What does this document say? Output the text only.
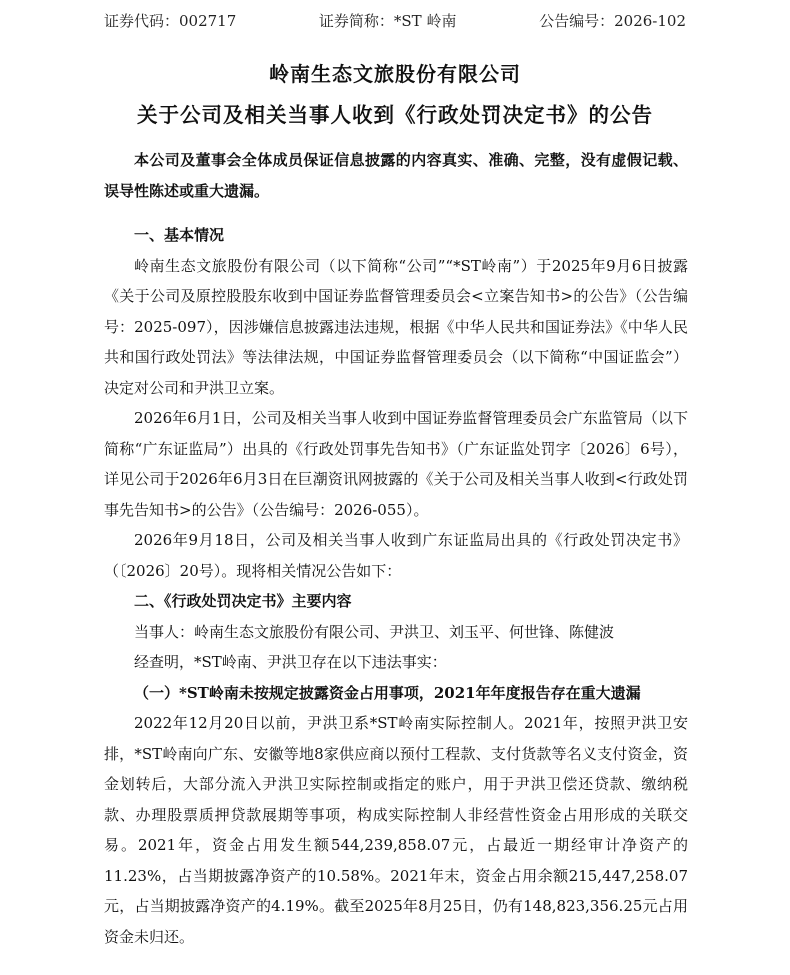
证券代码：002717	证券简称：*ST 岭南	公告编号：2026-102
岭南生态文旅股份有限公司
关于公司及相关当事人收到《行政处罚决定书》的公告

本公司及董事会全体成员保证信息披露的内容真实、准确、完整，没有虚假记载、误导性陈述或重大遗漏。

一、基本情况

岭南生态文旅股份有限公司（以下简称“公司”“*ST岭南”）于2025年9月6日披露《关于公司及原控股股东收到中国证券监督管理委员会<立案告知书>的公告》（公告编号：2025-097），因涉嫌信息披露违法违规，根据《中华人民共和国证券法》《中华人民共和国行政处罚法》等法律法规，中国证券监督管理委员会（以下简称“中国证监会”）决定对公司和尹洪卫立案。

2026年6月1日，公司及相关当事人收到中国证券监督管理委员会广东监管局（以下简称“广东证监局”）出具的《行政处罚事先告知书》（广东证监处罚字〔2026〕6号），详见公司于2026年6月3日在巨潮资讯网披露的《关于公司及相关当事人收到<行政处罚事先告知书>的公告》（公告编号：2026-055）。

2026年9月18日，公司及相关当事人收到广东证监局出具的《行政处罚决定书》（〔2026〕20号）。现将相关情况公告如下：

二、《行政处罚决定书》主要内容

当事人：岭南生态文旅股份有限公司、尹洪卫、刘玉平、何世锋、陈健波

经查明，*ST岭南、尹洪卫存在以下违法事实：

（一）*ST岭南未按规定披露资金占用事项，2021年年度报告存在重大遗漏

2022年12月20日以前，尹洪卫系*ST岭南实际控制人。2021年，按照尹洪卫安排，*ST岭南向广东、安徽等地8家供应商以预付工程款、支付货款等名义支付资金，资金划转后，大部分流入尹洪卫实际控制或指定的账户，用于尹洪卫偿还贷款、缴纳税款、办理股票质押贷款展期等事项，构成实际控制人非经营性资金占用形成的关联交易。2021年，资金占用发生额544,239,858.07元，占最近一期经审计净资产的11.23%，占当期披露净资产的10.58%。2021年末，资金占用余额215,447,258.07元，占当期披露净资产的4.19%。截至2025年8月25日，仍有148,823,356.25元占用资金未归还。
